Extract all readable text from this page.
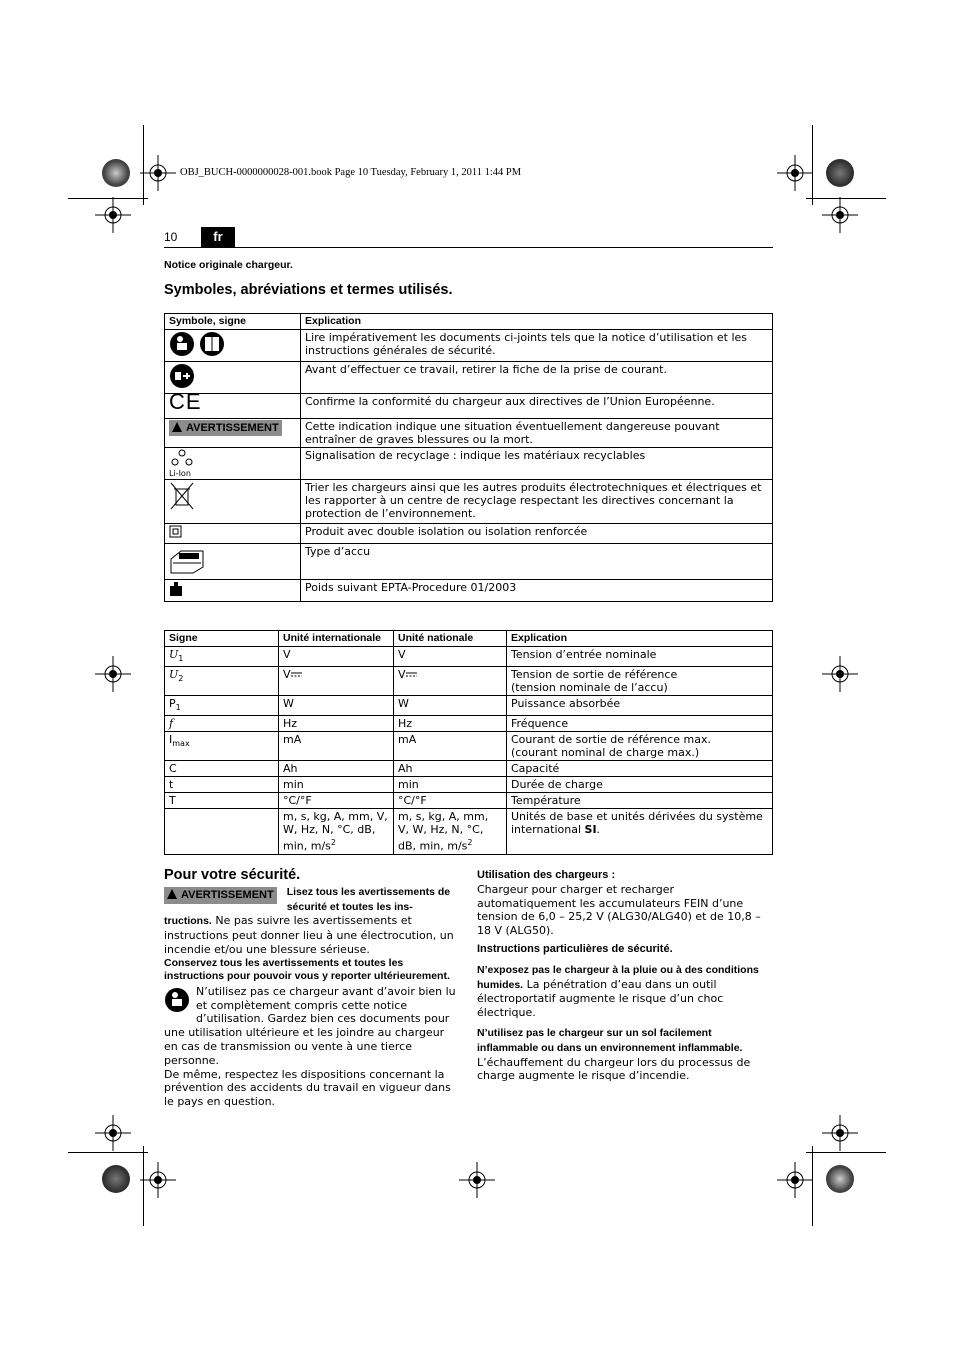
OBJ_BUCH-0000000028-001.book Page 10 Tuesday, February 1, 2011 1:44 PM
10	fr
Notice originale chargeur.
Symboles, abréviations et termes utilisés.
Symbole, signe	Explication
	Lire impérativement les documents ci-joints tels que la notice d’utilisation et les instructions générales de sécurité.
	Avant d’effectuer ce travail, retirer la fiche de la prise de courant.
CE	Confirme la conformité du chargeur aux directives de l’Union Européenne.
AVERTISSEMENT	Cette indication indique une situation éventuellement dangereuse pouvant entraîner de graves blessures ou la mort.

Li-Ion	Signalisation de recyclage : indique les matériaux recyclables
	Trier les chargeurs ainsi que les autres produits électrotechniques et électriques et les rapporter à un centre de recyclage respectant les directives concernant la protection de l’environnement.
	Produit avec double isolation ou isolation renforcée
	Type d’accu
	Poids suivant EPTA-Procedure 01/2003
Signe	Unité internationale	Unité nationale	Explication
$U_1$	V	V	Tension d’entrée nominale
$U_2$	V	V	Tension de sortie de référence
(tension nominale de l’accu)
$P_1$	W	W	Puissance absorbée
f	Hz	Hz	Fréquence
$I_{max}$	mA	mA	Courant de sortie de référence max.
(courant nominal de charge max.)
C	Ah	Ah	Capacité
t	min	min	Durée de charge
T	°C/°F	°C/°F	Température
	m, s, kg, A, mm, V, W, Hz, N, °C, dB, min, $m/s^2$	m, s, kg, A, mm, V, W, Hz, N, °C, dB, min, $m/s^2$	Unités de base et unités dérivées du système international SI.
Pour votre sécurité.
AVERTISSEMENT Lisez tous les avertissements de sécurité et toutes les ins- tructions. Ne pas suivre les avertissements et instructions peut donner lieu à une électrocution, un incendie et/ou une blessure sérieuse.

Conservez tous les avertissements et toutes les instructions pour pouvoir vous y reporter ultérieurement.

N’utilisez pas ce chargeur avant d’avoir bien lu et complètement compris cette notice d’utilisation. Gardez bien ces documents pour une utilisation ultérieure et les joindre au chargeur en cas de transmission ou vente à une tierce personne.

De même, respectez les dispositions concernant la prévention des accidents du travail en vigueur dans le pays en question.

Utilisation des chargeurs :

Chargeur pour charger et recharger automatiquement les accumulateurs FEIN d’une tension de 6,0 – 25,2 V (ALG30/ALG40) et de 10,8 – 18 V (ALG50).

Instructions particulières de sécurité.

N’exposez pas le chargeur à la pluie ou à des conditions humides. La pénétration d’eau dans un outil électroportatif augmente le risque d’un choc électrique.

N’utilisez pas le chargeur sur un sol facilement inflammable ou dans un environnement inflammable. L’échauffement du chargeur lors du processus de charge augmente le risque d’incendie.
